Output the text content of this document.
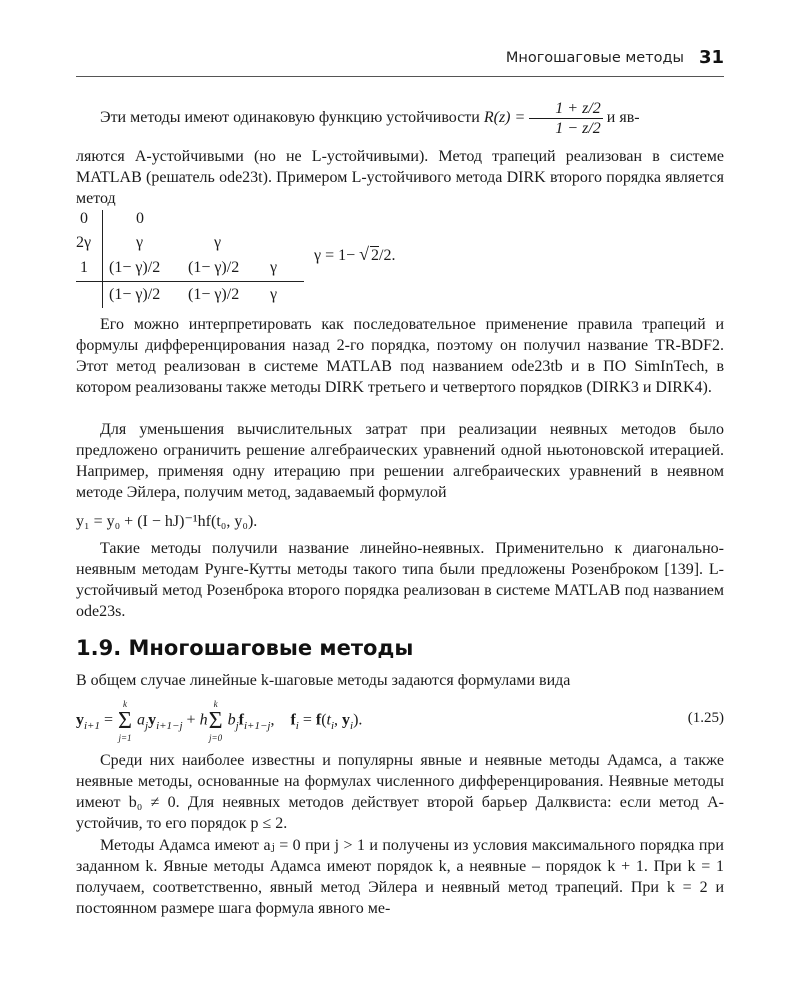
Многошаговые методы 31
Эти методы имеют одинаковую функцию устойчивости $R(z) = \frac{1 + z/2}{1 - z/2}$ и яв-

ляются A-устойчивыми (но не L-устойчивыми). Метод трапеций реализован в системе MATLAB (решатель ode23t). Примером L-устойчивого метода DIRK второго порядка является метод

0
2γ
1
0
γ	γ
(1− γ)/2 (1− γ)/2 γ
(1− γ)/2 (1− γ)/2 γ
γ = 1− √ 2/2.

Его можно интерпретировать как последовательное применение правила трапеций и формулы дифференцирования назад 2-го порядка, поэтому он получил название TR-BDF2. Этот метод реализован в системе MATLAB под названием ode23tb и в ПО SimInTech, в котором реализованы также методы DIRK третьего и четвертого порядков (DIRK3 и DIRK4).

Для уменьшения вычислительных затрат при реализации неявных методов было предложено ограничить решение алгебраических уравнений одной ньютоновской итерацией. Например, применяя одну итерацию при решении алгебраических уравнений в неявном методе Эйлера, получим метод, задаваемый формулой

y₁ = y₀ + (I − hJ)⁻¹hf(t₀, y₀).

Такие методы получили название линейно-неявных. Применительно к диагонально-неявным методам Рунге-Кутты методы такого типа были предложены Розенброком [139]. L-устойчивый метод Розенброка второго порядка реализован в системе MATLAB под названием ode23s.

1.9. Многошаговые методы

В общем случае линейные k-шаговые методы задаются формулами вида

$y_{i+1}$ =
k
Σ
j=1
$a_jy_{i+1-j} + h$
k
Σ
j=0
$b_jf_{i+1-j}$,    $f_i = f(t_i$, $y_i$).	(1.25)

Среди них наиболее известны и популярны явные и неявные методы Адамса, а также неявные методы, основанные на формулах численного дифференцирования. Неявные методы имеют b₀ ≠ 0. Для неявных методов действует второй барьер Далквиста: если метод A-устойчив, то его порядок p ≤ 2.

Методы Адамса имеют aⱼ = 0 при j > 1 и получены из условия максимального порядка при заданном k. Явные методы Адамса имеют порядок k, а неявные – порядок k + 1. При k = 1 получаем, соответственно, явный метод Эйлера и неявный метод трапеций. При k = 2 и постоянном размере шага формула явного ме-
